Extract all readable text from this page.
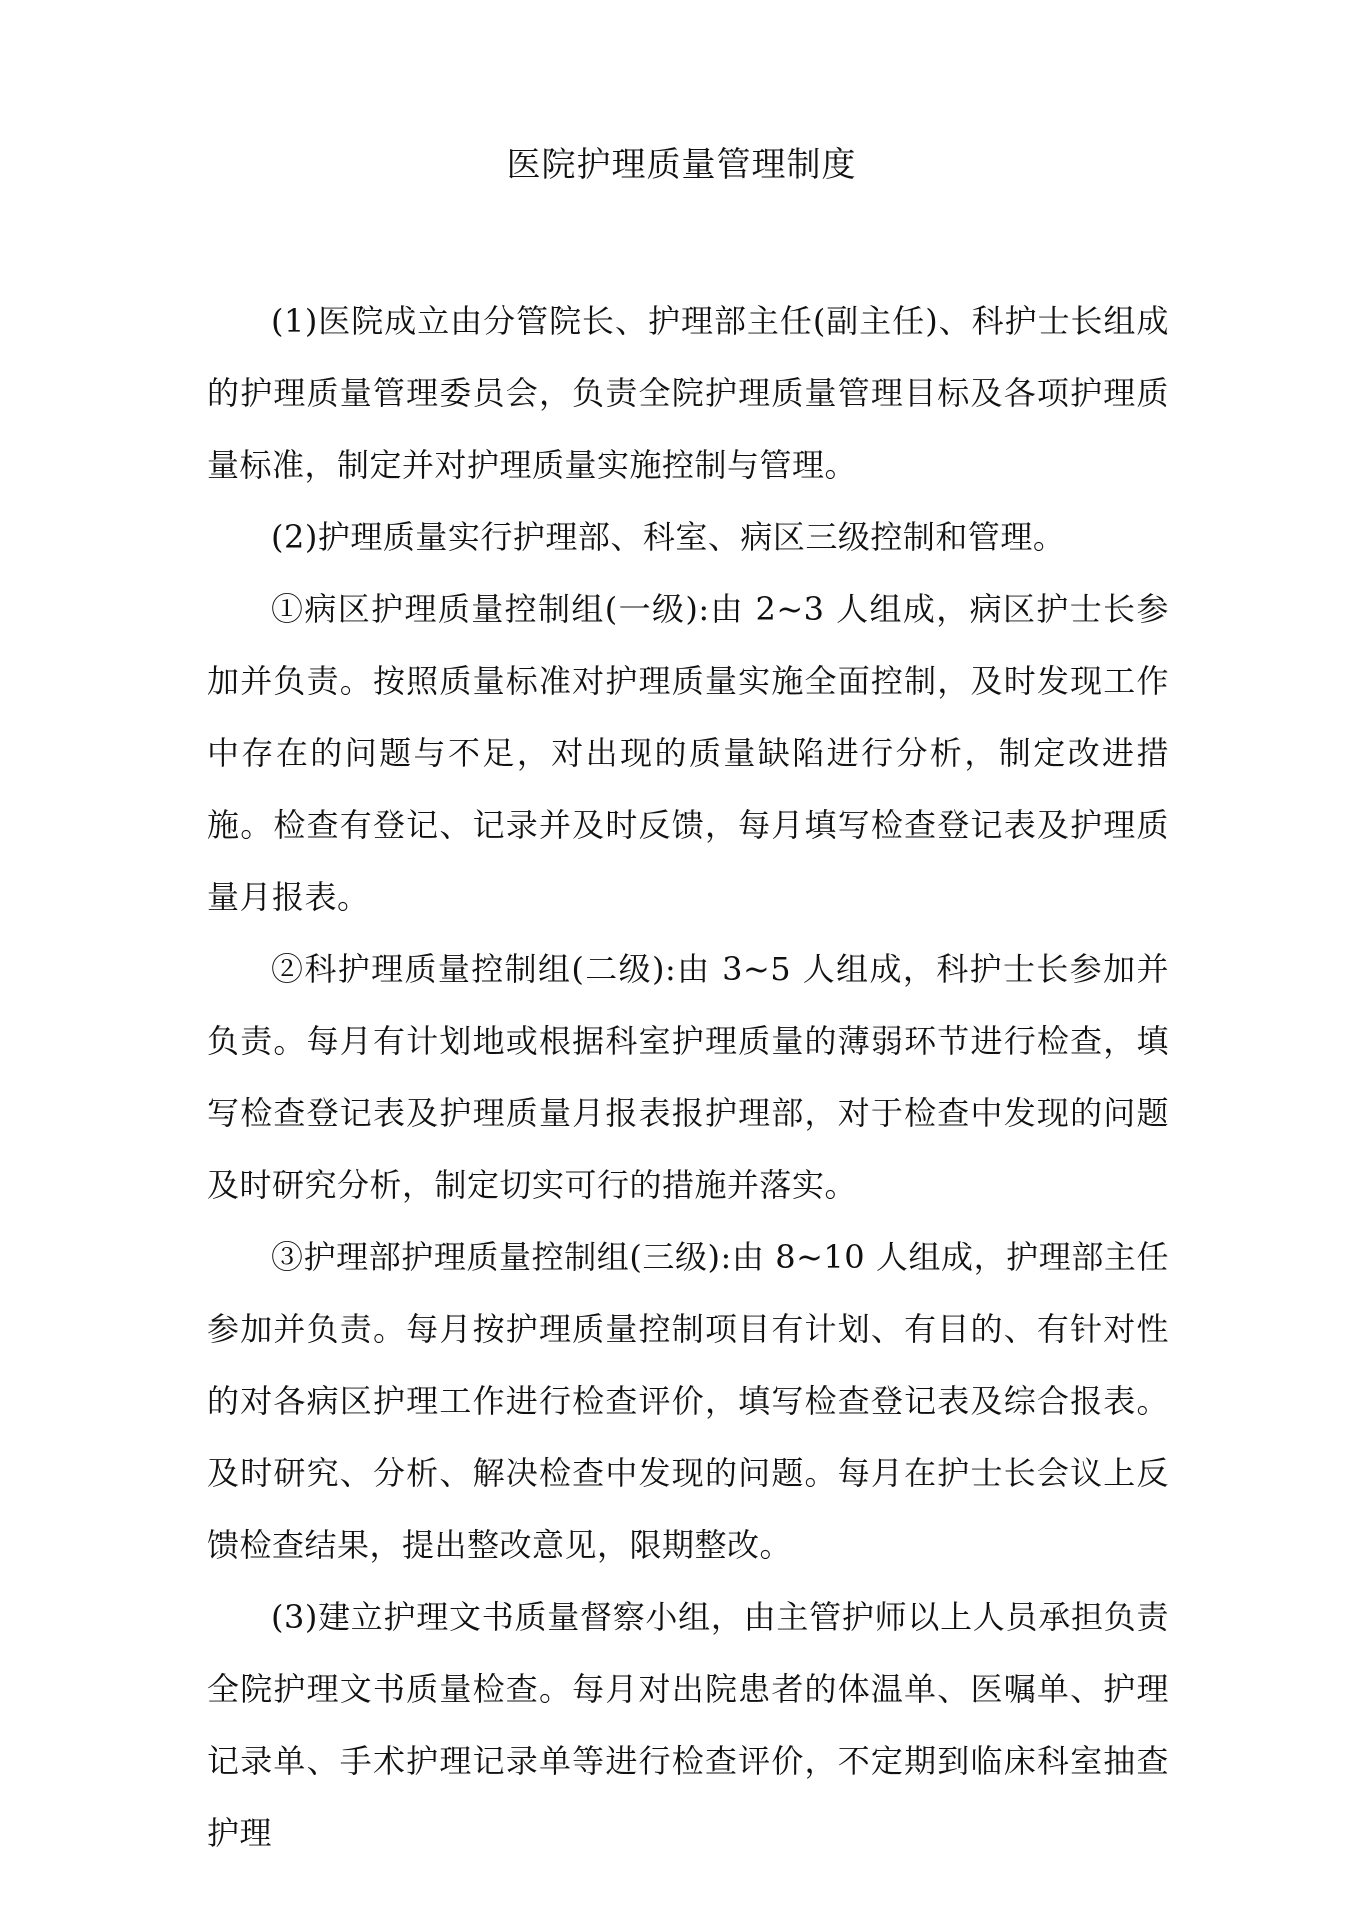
医院护理质量管理制度

(1)医院成立由分管院长、护理部主任(副主任)、科护士长组成的护理质量管理委员会，负责全院护理质量管理目标及各项护理质量标准，制定并对护理质量实施控制与管理。

(2)护理质量实行护理部、科室、病区三级控制和管理。

①病区护理质量控制组(一级):由 2~3 人组成，病区护士长参加并负责。按照质量标准对护理质量实施全面控制，及时发现工作中存在的问题与不足，对出现的质量缺陷进行分析，制定改进措施。检查有登记、记录并及时反馈，每月填写检查登记表及护理质量月报表。

②科护理质量控制组(二级):由 3~5 人组成，科护士长参加并负责。每月有计划地或根据科室护理质量的薄弱环节进行检查，填写检查登记表及护理质量月报表报护理部，对于检查中发现的问题及时研究分析，制定切实可行的措施并落实。

③护理部护理质量控制组(三级):由 8~10 人组成，护理部主任参加并负责。每月按护理质量控制项目有计划、有目的、有针对性的对各病区护理工作进行检查评价，填写检查登记表及综合报表。及时研究、分析、解决检查中发现的问题。每月在护士长会议上反馈检查结果，提出整改意见，限期整改。

(3)建立护理文书质量督察小组，由主管护师以上人员承担负责全院护理文书质量检查。每月对出院患者的体温单、医嘱单、护理记录单、手术护理记录单等进行检查评价，不定期到临床科室抽查护理
